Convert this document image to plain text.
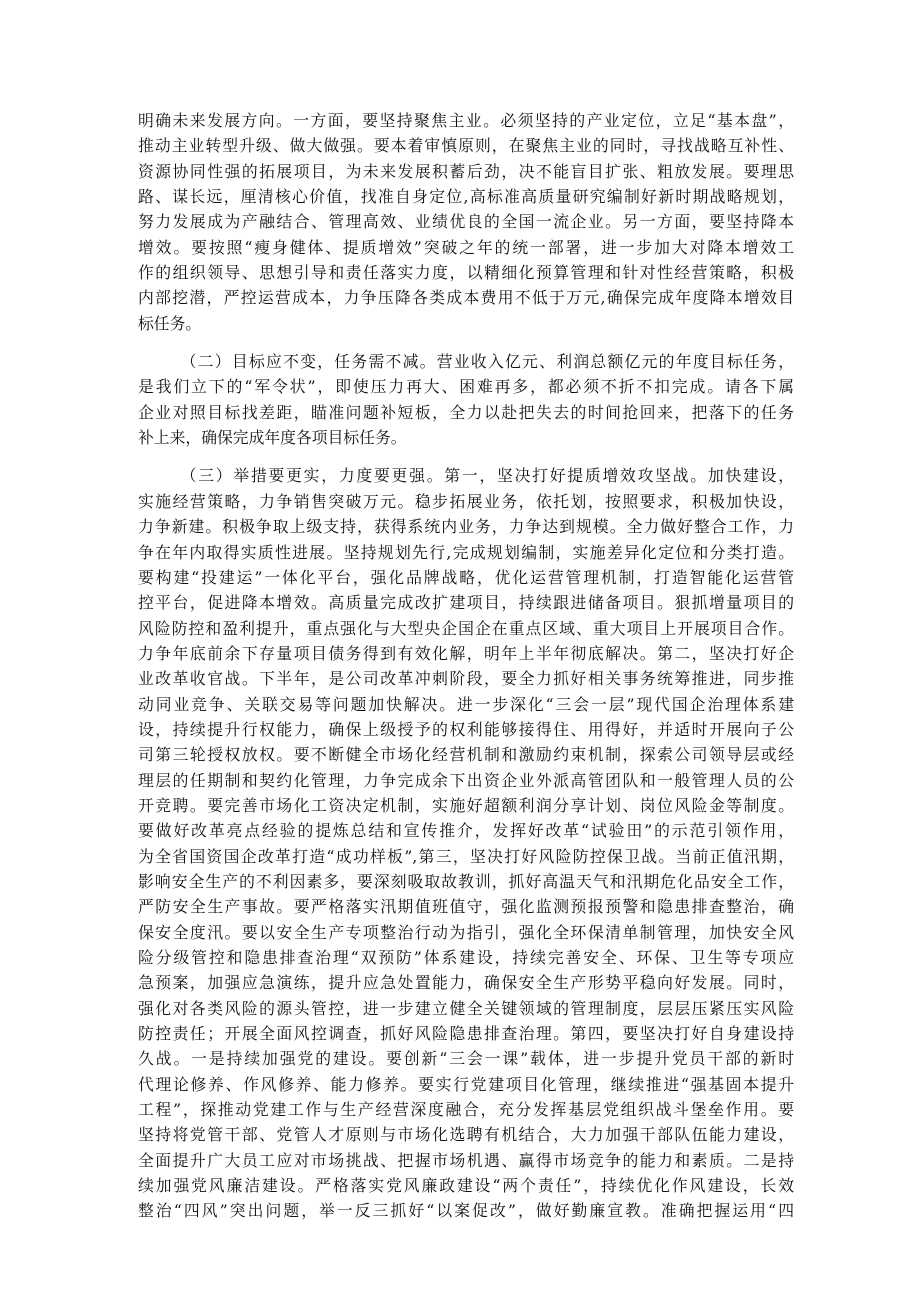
明确未来发展方向。一方面，要坚持聚焦主业。必须坚持的产业定位，立足“基本盘”，
推动主业转型升级、做大做强。要本着审慎原则，在聚焦主业的同时，寻找战略互补性、
资源协同性强的拓展项目，为未来发展积蓄后劲，决不能盲目扩张、粗放发展。要理思
路、谋长远，厘清核心价值，找准自身定位,高标准高质量研究编制好新时期战略规划，
努力发展成为产融结合、管理高效、业绩优良的全国一流企业。另一方面，要坚持降本
增效。要按照“瘦身健体、提质增效”突破之年的统一部署，进一步加大对降本增效工
作的组织领导、思想引导和责任落实力度，以精细化预算管理和针对性经营策略，积极
内部挖潜，严控运营成本，力争压降各类成本费用不低于万元,确保完成年度降本增效目
标任务。
（二）目标应不变，任务需不减。营业收入亿元、利润总额亿元的年度目标任务，
是我们立下的“军令状”，即使压力再大、困难再多，都必须不折不扣完成。请各下属
企业对照目标找差距，瞄准问题补短板，全力以赴把失去的时间抢回来，把落下的任务
补上来，确保完成年度各项目标任务。
（三）举措要更实，力度要更强。第一，坚决打好提质增效攻坚战。加快建设，
实施经营策略，力争销售突破万元。稳步拓展业务，依托划，按照要求，积极加快设，
力争新建。积极争取上级支持，获得系统内业务，力争达到规模。全力做好整合工作，力
争在年内取得实质性进展。坚持规划先行,完成规划编制，实施差异化定位和分类打造。
要构建“投建运”一体化平台，强化品牌战略，优化运营管理机制，打造智能化运营管
控平台，促进降本增效。高质量完成改扩建项目，持续跟进储备项目。狠抓增量项目的
风险防控和盈利提升，重点强化与大型央企国企在重点区域、重大项目上开展项目合作。
力争年底前余下存量项目债务得到有效化解，明年上半年彻底解决。第二，坚决打好企
业改革收官战。下半年，是公司改革冲刺阶段，要全力抓好相关事务统筹推进，同步推
动同业竞争、关联交易等问题加快解决。进一步深化“三会一层”现代国企治理体系建
设，持续提升行权能力，确保上级授予的权利能够接得住、用得好，并适时开展向子公
司第三轮授权放权。要不断健全市场化经营机制和激励约束机制，探索公司领导层或经
理层的任期制和契约化管理，力争完成余下出资企业外派高管团队和一般管理人员的公
开竞聘。要完善市场化工资决定机制，实施好超额利润分享计划、岗位风险金等制度。
要做好改革亮点经验的提炼总结和宣传推介，发挥好改革“试验田”的示范引领作用，
为全省国资国企改革打造“成功样板”,第三，坚决打好风险防控保卫战。当前正值汛期，
影响安全生产的不利因素多，要深刻吸取故教训，抓好高温天气和汛期危化品安全工作，
严防安全生产事故。要严格落实汛期值班值守，强化监测预报预警和隐患排查整治，确
保安全度汛。要以安全生产专项整治行动为指引，强化全环保清单制管理，加快安全风
险分级管控和隐患排查治理“双预防”体系建设，持续完善安全、环保、卫生等专项应
急预案，加强应急演练，提升应急处置能力，确保安全生产形势平稳向好发展。同时，
强化对各类风险的源头管控，进一步建立健全关键领域的管理制度，层层压紧压实风险
防控责任；开展全面风控调查，抓好风险隐患排查治理。第四，要坚决打好自身建设持
久战。一是持续加强党的建设。要创新“三会一课”载体，进一步提升党员干部的新时
代理论修养、作风修养、能力修养。要实行党建项目化管理，继续推进“强基固本提升
工程”，探推动党建工作与生产经营深度融合，充分发挥基层党组织战斗堡垒作用。要
坚持将党管干部、党管人才原则与市场化选聘有机结合，大力加强干部队伍能力建设，
全面提升广大员工应对市场挑战、把握市场机遇、赢得市场竞争的能力和素质。二是持
续加强党风廉洁建设。严格落实党风廉政建设“两个责任”，持续优化作风建设，长效
整治“四风”突出问题，举一反三抓好“以案促改”，做好勤廉宣教。准确把握运用“四
